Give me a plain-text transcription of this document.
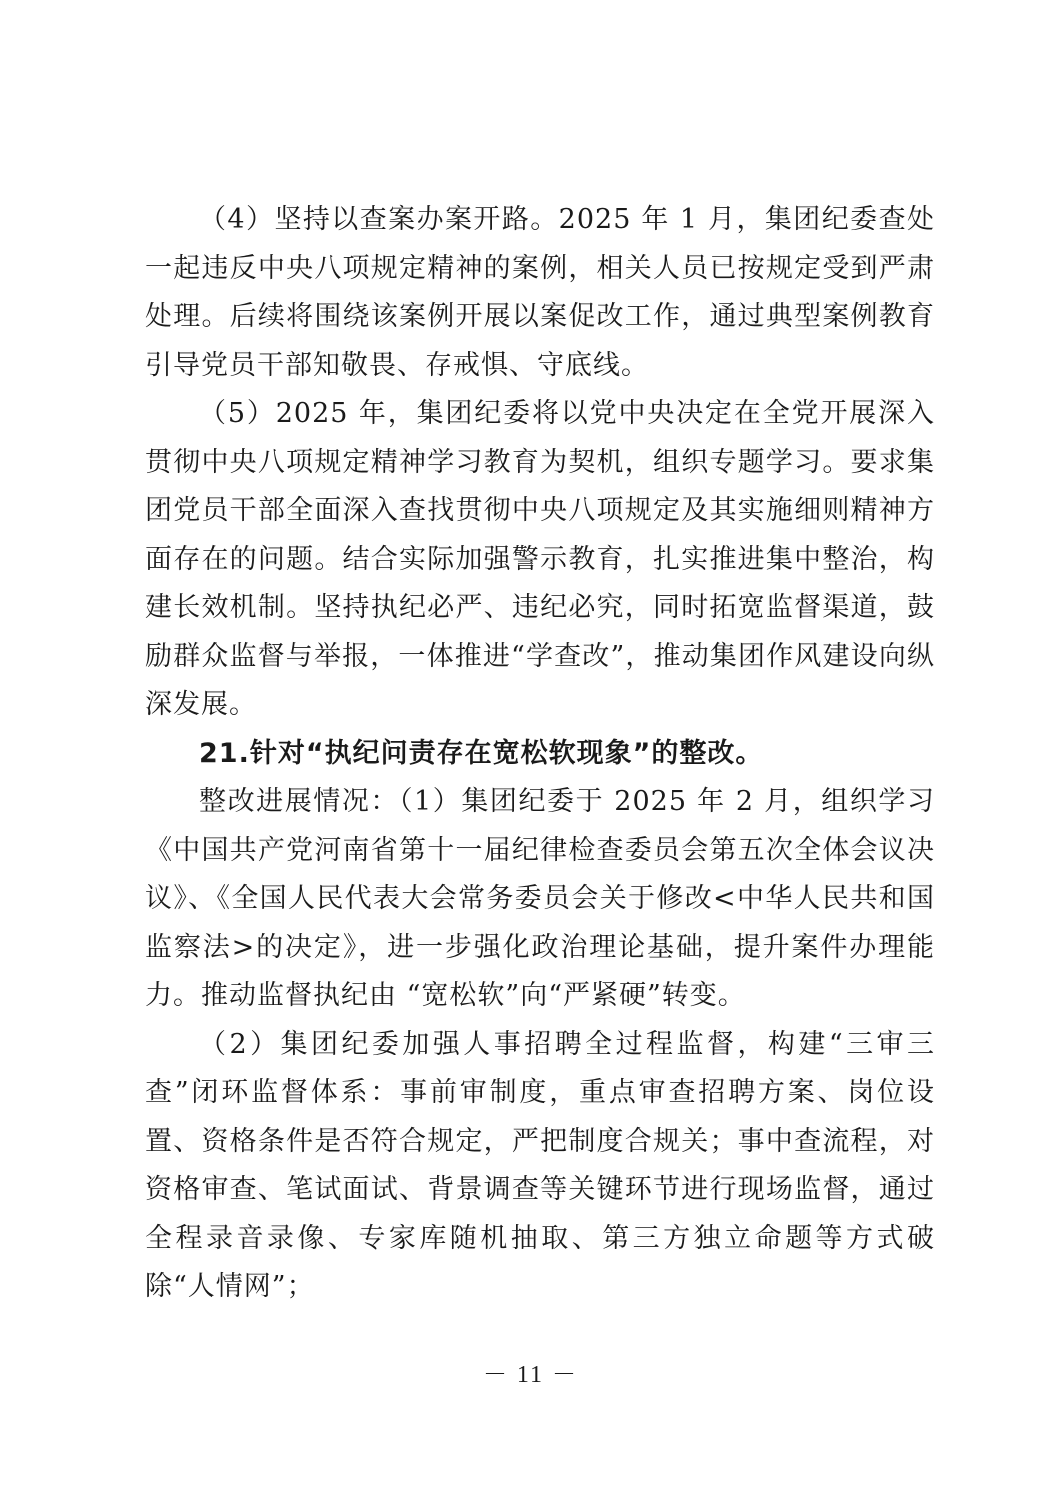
（4）坚持以查案办案开路。2025 年 1 月，集团纪委查处一起违反中央八项规定精神的案例，相关人员已按规定受到严肃处理。后续将围绕该案例开展以案促改工作，通过典型案例教育引导党员干部知敬畏、存戒惧、守底线。

（5）2025 年，集团纪委将以党中央决定在全党开展深入贯彻中央八项规定精神学习教育为契机，组织专题学习。要求集团党员干部全面深入查找贯彻中央八项规定及其实施细则精神方面存在的问题。结合实际加强警示教育，扎实推进集中整治，构建长效机制。坚持执纪必严、违纪必究，同时拓宽监督渠道，鼓励群众监督与举报，一体推进“学查改”，推动集团作风建设向纵深发展。

21.针对“执纪问责存在宽松软现象”的整改。

整改进展情况：（1）集团纪委于 2025 年 2 月，组织学习《中国共产党河南省第十一届纪律检查委员会第五次全体会议决议》、《全国人民代表大会常务委员会关于修改<中华人民共和国监察法>的决定》，进一步强化政治理论基础，提升案件办理能力。推动监督执纪由 “宽松软”向“严紧硬”转变。

（2）集团纪委加强人事招聘全过程监督，构建“三审三查”闭环监督体系：事前审制度，重点审查招聘方案、岗位设置、资格条件是否符合规定，严把制度合规关；事中查流程，对资格审查、笔试面试、背景调查等关键环节进行现场监督，通过全程录音录像、专家库随机抽取、第三方独立命题等方式破除“人情网”；

－ 11 －
